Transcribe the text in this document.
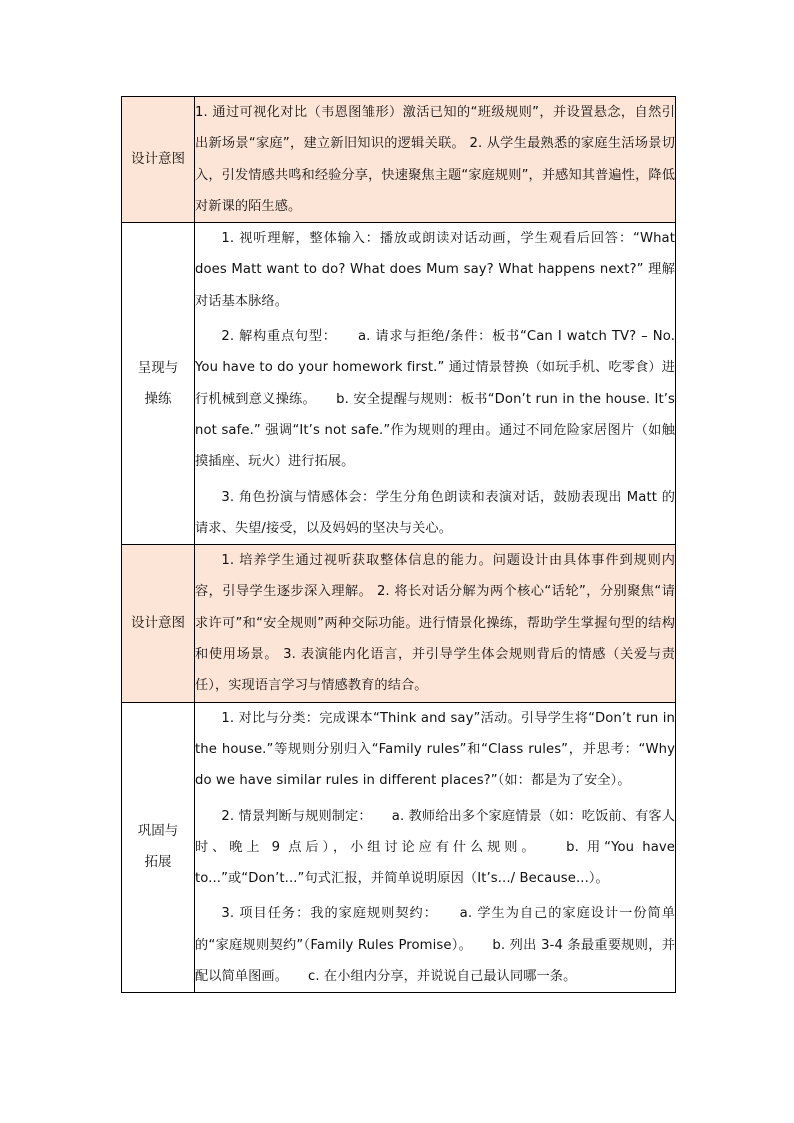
设计意图	1. 通过可视化对比（韦恩图雏形）激活已知的“班级规则”，并设置悬念，自然引出新场景“家庭”，建立新旧知识的逻辑关联。 2. 从学生最熟悉的家庭生活场景切入，引发情感共鸣和经验分享，快速聚焦主题“家庭规则”，并感知其普遍性，降低对新课的陌生感。

呈现与操练	1. 视听理解，整体输入：播放或朗读对话动画，学生观看后回答：“What does Matt want to do? What does Mum say? What happens next?” 理解对话基本脉络。

2. 解构重点句型：　　a. 请求与拒绝/条件：板书“Can I watch TV? – No. You have to do your homework first.” 通过情景替换（如玩手机、吃零食）进行机械到意义操练。　　b. 安全提醒与规则：板书“Don’t run in the house. It’s not safe.” 强调“It’s not safe.”作为规则的理由。通过不同危险家居图片（如触摸插座、玩火）进行拓展。

3. 角色扮演与情感体会：学生分角色朗读和表演对话，鼓励表现出 Matt 的请求、失望/接受，以及妈妈的坚决与关心。

设计意图	1. 培养学生通过视听获取整体信息的能力。问题设计由具体事件到规则内容，引导学生逐步深入理解。 2. 将长对话分解为两个核心“话轮”，分别聚焦“请求许可”和“安全规则”两种交际功能。进行情景化操练，帮助学生掌握句型的结构和使用场景。 3. 表演能内化语言，并引导学生体会规则背后的情感（关爱与责任），实现语言学习与情感教育的结合。

巩固与拓展	1. 对比与分类：完成课本“Think and say”活动。引导学生将“Don’t run in the house.”等规则分别归入“Family rules”和“Class rules”，并思考：“Why do we have similar rules in different places?”（如：都是为了安全）。

2. 情景判断与规则制定：　　a. 教师给出多个家庭情景（如：吃饭前、有客人时、晚上 9 点后），小组讨论应有什么规则。　　b. 用“You have to...”或“Don’t...”句式汇报，并简单说明原因（It’s.../ Because...）。

3. 项目任务：我的家庭规则契约：　　a. 学生为自己的家庭设计一份简单的“家庭规则契约”（Family Rules Promise）。　　b. 列出 3-4 条最重要规则，并配以简单图画。　　c. 在小组内分享，并说说自己最认同哪一条。
